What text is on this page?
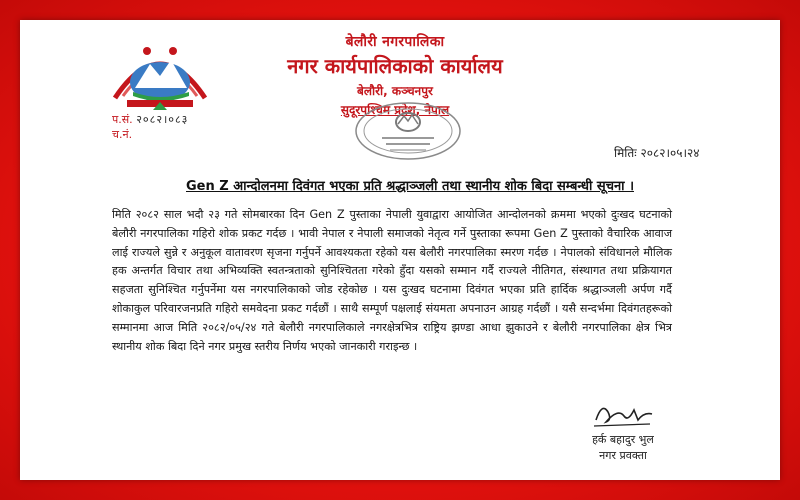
बेलौरी नगरपालिका
नगर कार्यपालिकाको कार्यालय
बेलौरी, कञ्चनपुर
सुदूरपश्चिम प्रदेश, नेपाल
प.सं. २०८२।०८३
च.नं.
मितिः २०८२।०५।२४
Gen Z आन्दोलनमा दिवंगत भएका प्रति श्रद्धाञ्जली तथा स्थानीय शोक बिदा सम्बन्धी सूचना ।
मिति २०८२ साल भदौ २३ गते सोमबारका दिन Gen Z पुस्ताका नेपाली युवाद्वारा आयोजित आन्दोलनको क्रममा भएको दुःखद घटनाको बेलौरी नगरपालिका गहिरो शोक प्रकट गर्दछ । भावी नेपाल र नेपाली समाजको नेतृत्व गर्ने पुस्ताका रूपमा Gen Z पुस्ताको वैचारिक आवाज लाई राज्यले सुन्ने र अनुकूल वातावरण सृजना गर्नुपर्ने आवश्यकता रहेको यस बेलौरी नगरपालिका स्मरण गर्दछ । नेपालको संविधानले मौलिक हक अन्तर्गत विचार तथा अभिव्यक्ति स्वतन्त्रताको सुनिश्चितता गरेको हुँदा यसको सम्मान गर्दै राज्यले नीतिगत, संस्थागत तथा प्रक्रियागत सहजता सुनिश्चित गर्नुपर्नेमा यस नगरपालिकाको जोड रहेकोछ । यस दुःखद घटनामा दिवंगत भएका प्रति हार्दिक श्रद्धाञ्जली अर्पण गर्दै शोकाकुल परिवारजनप्रति गहिरो समवेदना प्रकट गर्दछौं । साथै सम्पूर्ण पक्षलाई संयमता अपनाउन आग्रह गर्दछौं । यसै सन्दर्भमा दिवंगतहरूको सम्मानमा आज मिति २०८२/०५/२४ गते बेलौरी नगरपालिकाले नगरक्षेत्रभित्र राष्ट्रिय झण्डा आधा झुकाउने र बेलौरी नगरपालिका क्षेत्र भित्र स्थानीय शोक बिदा दिने नगर प्रमुख स्तरीय निर्णय भएको जानकारी गराइन्छ ।
हर्क बहादुर भुल
नगर प्रवक्ता
